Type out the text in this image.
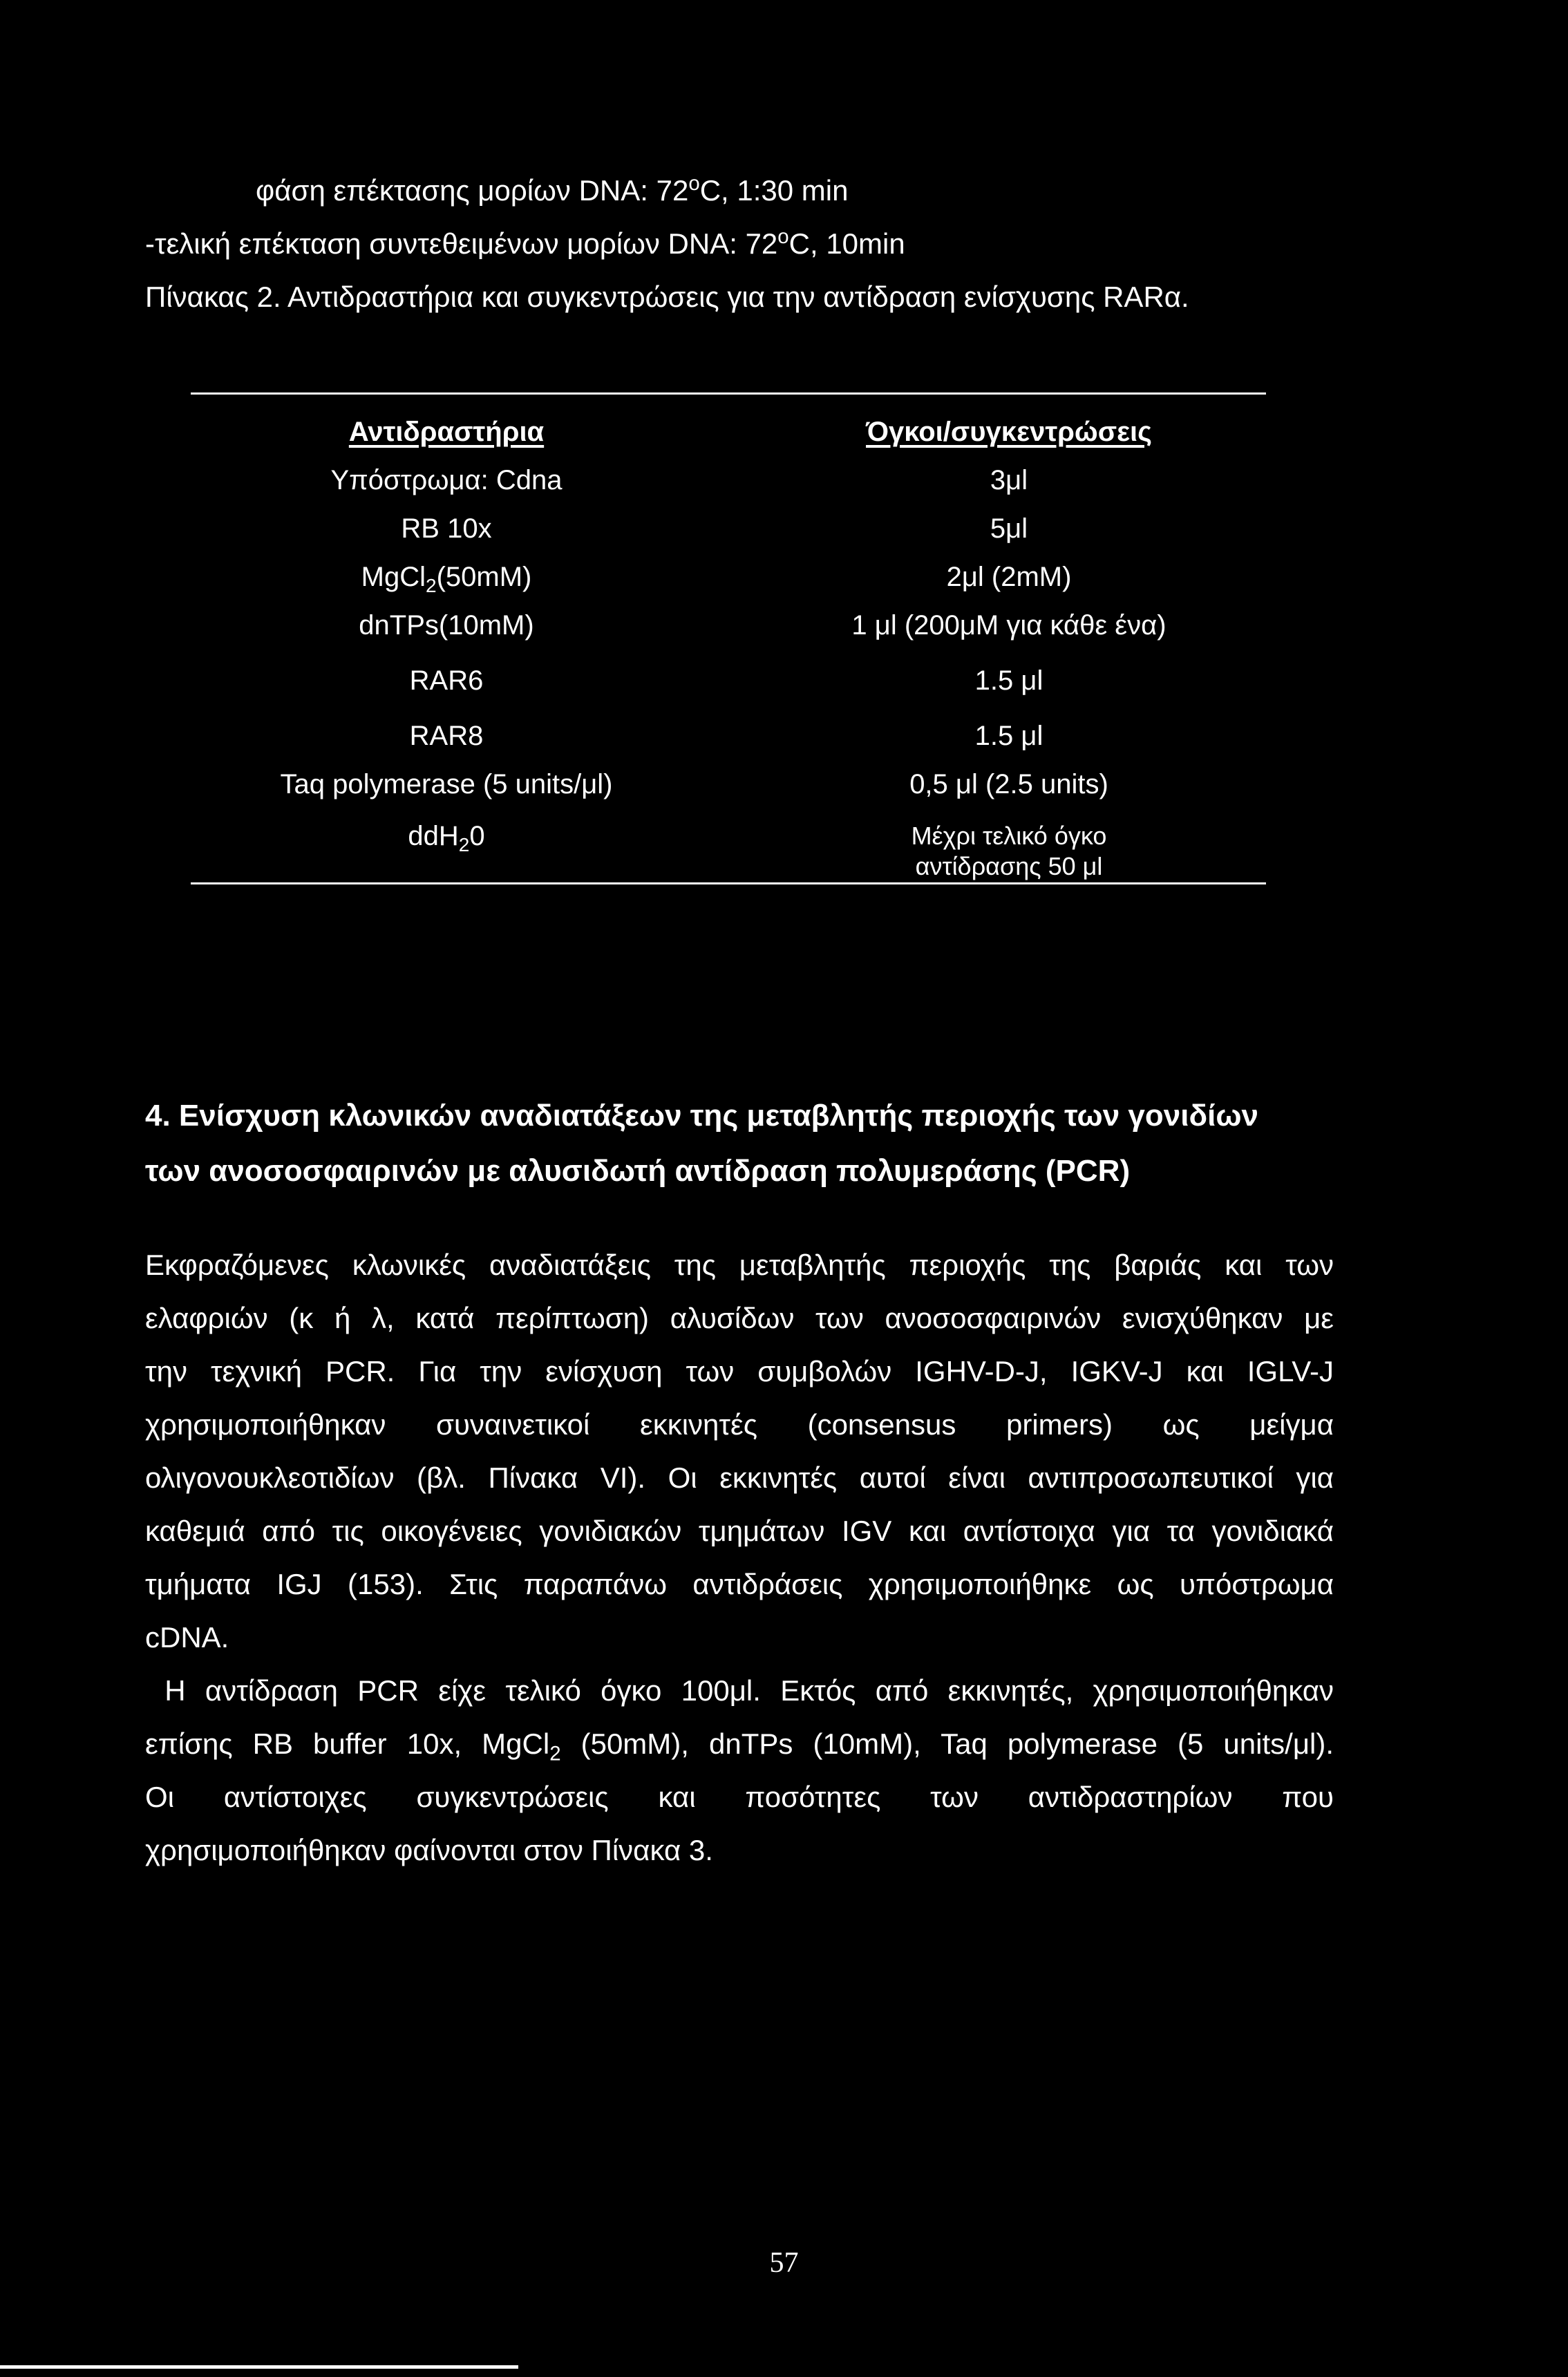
φάση επέκτασης μορίων DNA: 72$^o$C, 1:30 min
-τελική επέκταση συντεθειμένων μορίων DNA: 72$^o$C, 10min
Πίνακας 2. Αντιδραστήρια και συγκεντρώσεις για την αντίδραση ενίσχυσης RARα.
Αντιδραστήρια	Όγκοι/συγκεντρώσεις
Υπόστρωμα: Cdna	3μl
RB 10x	5μl
MgCl$_2$(50mM)	2μl (2mM)
dnTPs(10mM)	1 μl (200μM για κάθε ένα)
RAR6	1.5 μl
RAR8	1.5 μl
Taq polymerase (5 units/μl)	0,5 μl (2.5 units)
ddH$_2$0	Μέχρι τελικό όγκο
αντίδρασης 50 μl
4. Ενίσχυση κλωνικών αναδιατάξεων της μεταβλητής περιοχής των γονιδίων
των ανοσοσφαιρινών με αλυσιδωτή αντίδραση πολυμεράσης (PCR)

Εκφραζόμενες κλωνικές αναδιατάξεις της μεταβλητής περιοχής της βαριάς και των

ελαφριών (κ ή λ, κατά περίπτωση) αλυσίδων των ανοσοσφαιρινών ενισχύθηκαν με

την τεχνική PCR. Για την ενίσχυση των συμβολών IGHV-D-J, IGKV-J και IGLV-J

χρησιμοποιήθηκαν συναινετικοί εκκινητές (consensus primers) ως μείγμα

ολιγονουκλεοτιδίων (βλ. Πίνακα VI). Οι εκκινητές αυτοί είναι αντιπροσωπευτικοί για

καθεμιά από τις οικογένειες γονιδιακών τμημάτων IGV και αντίστοιχα για τα γονιδιακά

τμήματα IGJ (153). Στις παραπάνω αντιδράσεις χρησιμοποιήθηκε ως υπόστρωμα

cDNA.

Η αντίδραση PCR είχε τελικό όγκο 100μl. Εκτός από εκκινητές, χρησιμοποιήθηκαν

επίσης RB buffer 10x, MgCl$_2$ (50mM), dnTPs (10mM), Taq polymerase (5 units/μl).

Οι αντίστοιχες συγκεντρώσεις και ποσότητες των αντιδραστηρίων που

χρησιμοποιήθηκαν φαίνονται στον Πίνακα 3.

57
